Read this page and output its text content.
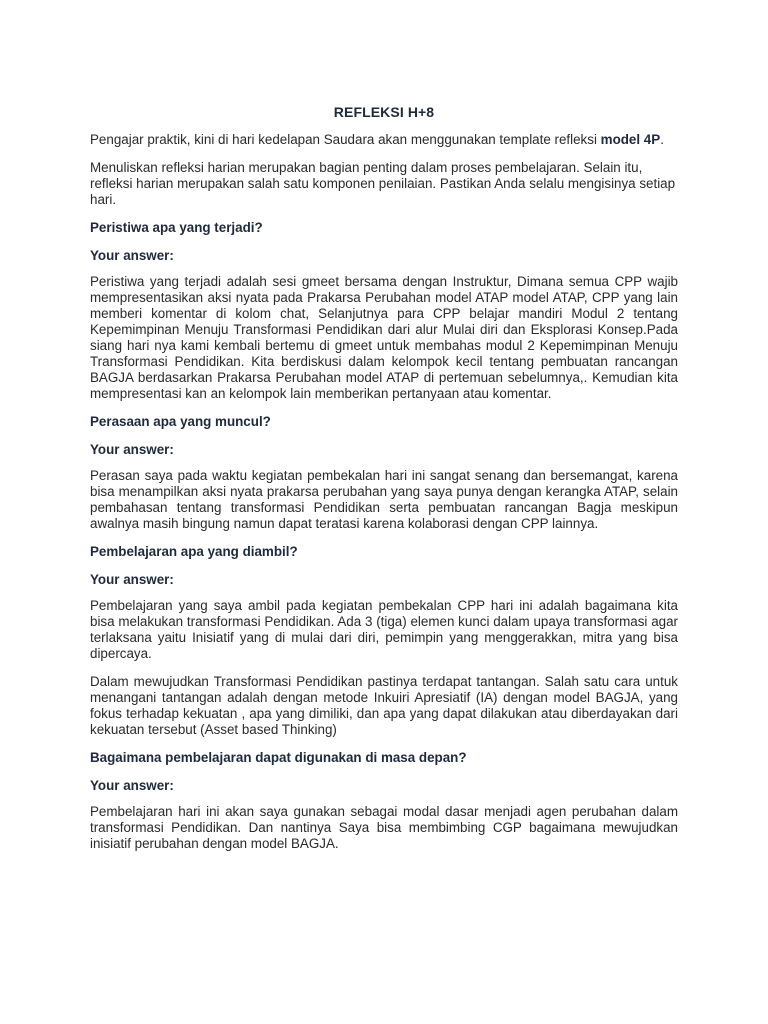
REFLEKSI H+8

Pengajar praktik, kini di hari kedelapan Saudara akan menggunakan template refleksi model 4P.

Menuliskan refleksi harian merupakan bagian penting dalam proses pembelajaran. Selain itu, refleksi harian merupakan salah satu komponen penilaian. Pastikan Anda selalu mengisinya setiap hari.

Peristiwa apa yang terjadi?
Your answer:

Peristiwa yang terjadi adalah sesi gmeet bersama dengan Instruktur, Dimana semua CPP wajib mempresentasikan aksi nyata pada Prakarsa Perubahan model ATAP model ATAP, CPP yang lain memberi komentar di kolom chat, Selanjutnya para CPP belajar mandiri Modul 2 tentang Kepemimpinan Menuju Transformasi Pendidikan dari alur Mulai diri dan Eksplorasi Konsep.Pada siang hari nya kami kembali bertemu di gmeet untuk membahas modul 2 Kepemimpinan Menuju Transformasi Pendidikan. Kita berdiskusi dalam kelompok kecil tentang pembuatan rancangan BAGJA berdasarkan Prakarsa Perubahan model ATAP di pertemuan sebelumnya,. Kemudian kita mempresentasi kan an kelompok lain memberikan pertanyaan atau komentar.

Perasaan apa yang muncul?
Your answer:

Perasan saya pada waktu kegiatan pembekalan hari ini sangat senang dan bersemangat, karena bisa menampilkan aksi nyata prakarsa perubahan yang saya punya dengan kerangka ATAP, selain pembahasan tentang transformasi Pendidikan serta pembuatan rancangan Bagja meskipun awalnya masih bingung namun dapat teratasi karena kolaborasi dengan CPP lainnya.

Pembelajaran apa yang diambil?
Your answer:

Pembelajaran yang saya ambil pada kegiatan pembekalan CPP hari ini adalah bagaimana kita bisa melakukan transformasi Pendidikan. Ada 3 (tiga) elemen kunci dalam upaya transformasi agar terlaksana yaitu Inisiatif yang di mulai dari diri, pemimpin yang menggerakkan, mitra yang bisa dipercaya.

Dalam mewujudkan Transformasi Pendidikan pastinya terdapat tantangan. Salah satu cara untuk menangani tantangan adalah dengan metode Inkuiri Apresiatif (IA) dengan model BAGJA, yang fokus terhadap kekuatan , apa yang dimiliki, dan apa yang dapat dilakukan atau diberdayakan dari kekuatan tersebut (Asset based Thinking)

Bagaimana pembelajaran dapat digunakan di masa depan?
Your answer:

Pembelajaran hari ini akan saya gunakan sebagai modal dasar menjadi agen perubahan dalam transformasi Pendidikan. Dan nantinya Saya bisa membimbing CGP bagaimana mewujudkan inisiatif perubahan dengan model BAGJA.
